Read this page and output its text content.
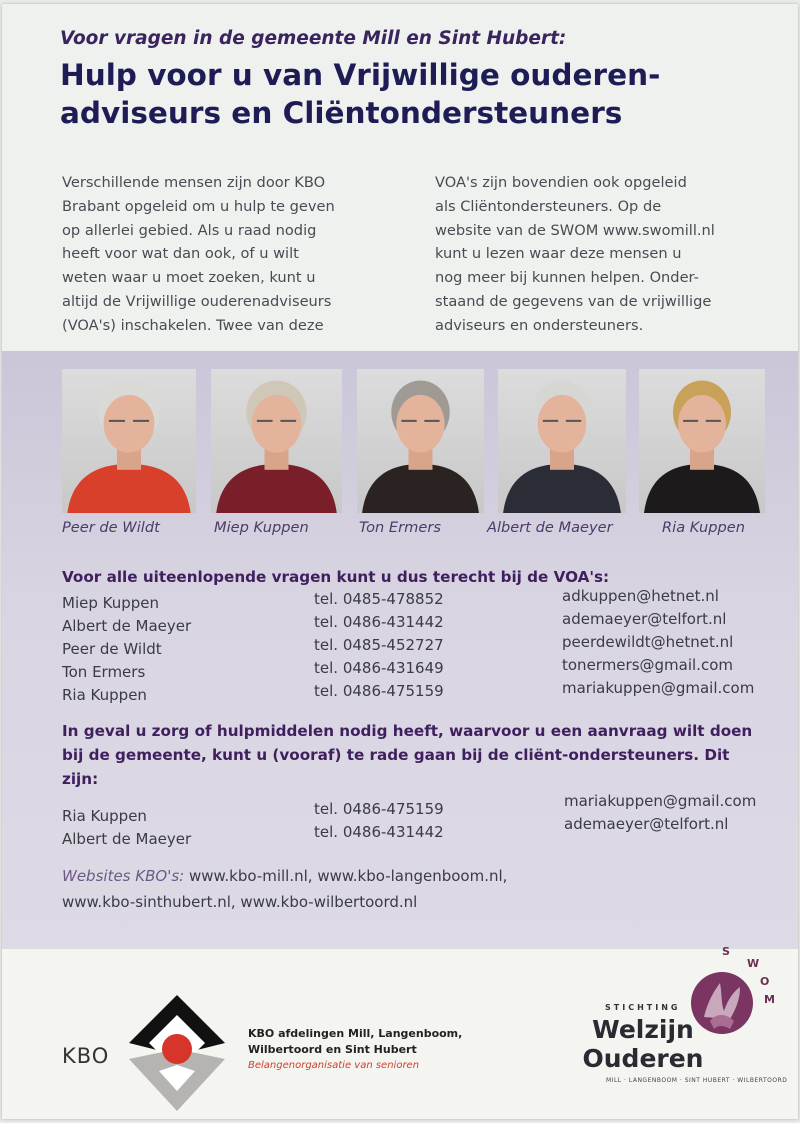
Voor vragen in de gemeente Mill en Sint Hubert:

Hulp voor u van Vrijwillige ouderen-adviseurs en Cliëntondersteuners
Verschillende mensen zijn door KBO
Brabant opgeleid om u hulp te geven
op allerlei gebied. Als u raad nodig
heeft voor wat dan ook, of u wilt
weten waar u moet zoeken, kunt u
altijd de Vrijwillige ouderenadviseurs
(VOA's) inschakelen. Twee van deze
VOA's zijn bovendien ook opgeleid
als Cliëntondersteuners. Op de
website van de SWOM www.swomill.nl
kunt u lezen waar deze mensen u
nog meer bij kunnen helpen. Onder-
staand de gegevens van de vrijwillige
adviseurs en ondersteuners.

Peer de Wildt	Miep Kuppen	Ton Ermers	Albert de Maeyer	Ria Kuppen

Voor alle uiteenlopende vragen kunt u dus terecht bij de VOA's:

Miep Kuppen	tel. 0485-478852	adkuppen@hetnet.nl

Albert de Maeyer	tel. 0486-431442	ademaeyer@telfort.nl

Peer de Wildt	tel. 0485-452727	peerdewildt@hetnet.nl

Ton Ermers	tel. 0486-431649	tonermers@gmail.com

Ria Kuppen	tel. 0486-475159	mariakuppen@gmail.com

In geval u zorg of hulpmiddelen nodig heeft, waarvoor u een aanvraag wilt doen bij de gemeente, kunt u (vooraf) te rade gaan bij de cliënt-ondersteuners. Dit zijn:

Ria Kuppen	tel. 0486-475159	mariakuppen@gmail.com

Albert de Maeyer	tel. 0486-431442	ademaeyer@telfort.nl

Websites KBO's: www.kbo-mill.nl, www.kbo-langenboom.nl,
www.kbo-sinthubert.nl, www.kbo-wilbertoord.nl

KBO

KBO afdelingen Mill, Langenboom,
Wilbertoord en Sint Hubert
Belangenorganisatie van senioren
S
W
O
M

STICHTING

Welzijn
Ouderen

MILL · LANGENBOOM · SINT HUBERT · WILBERTOORD
